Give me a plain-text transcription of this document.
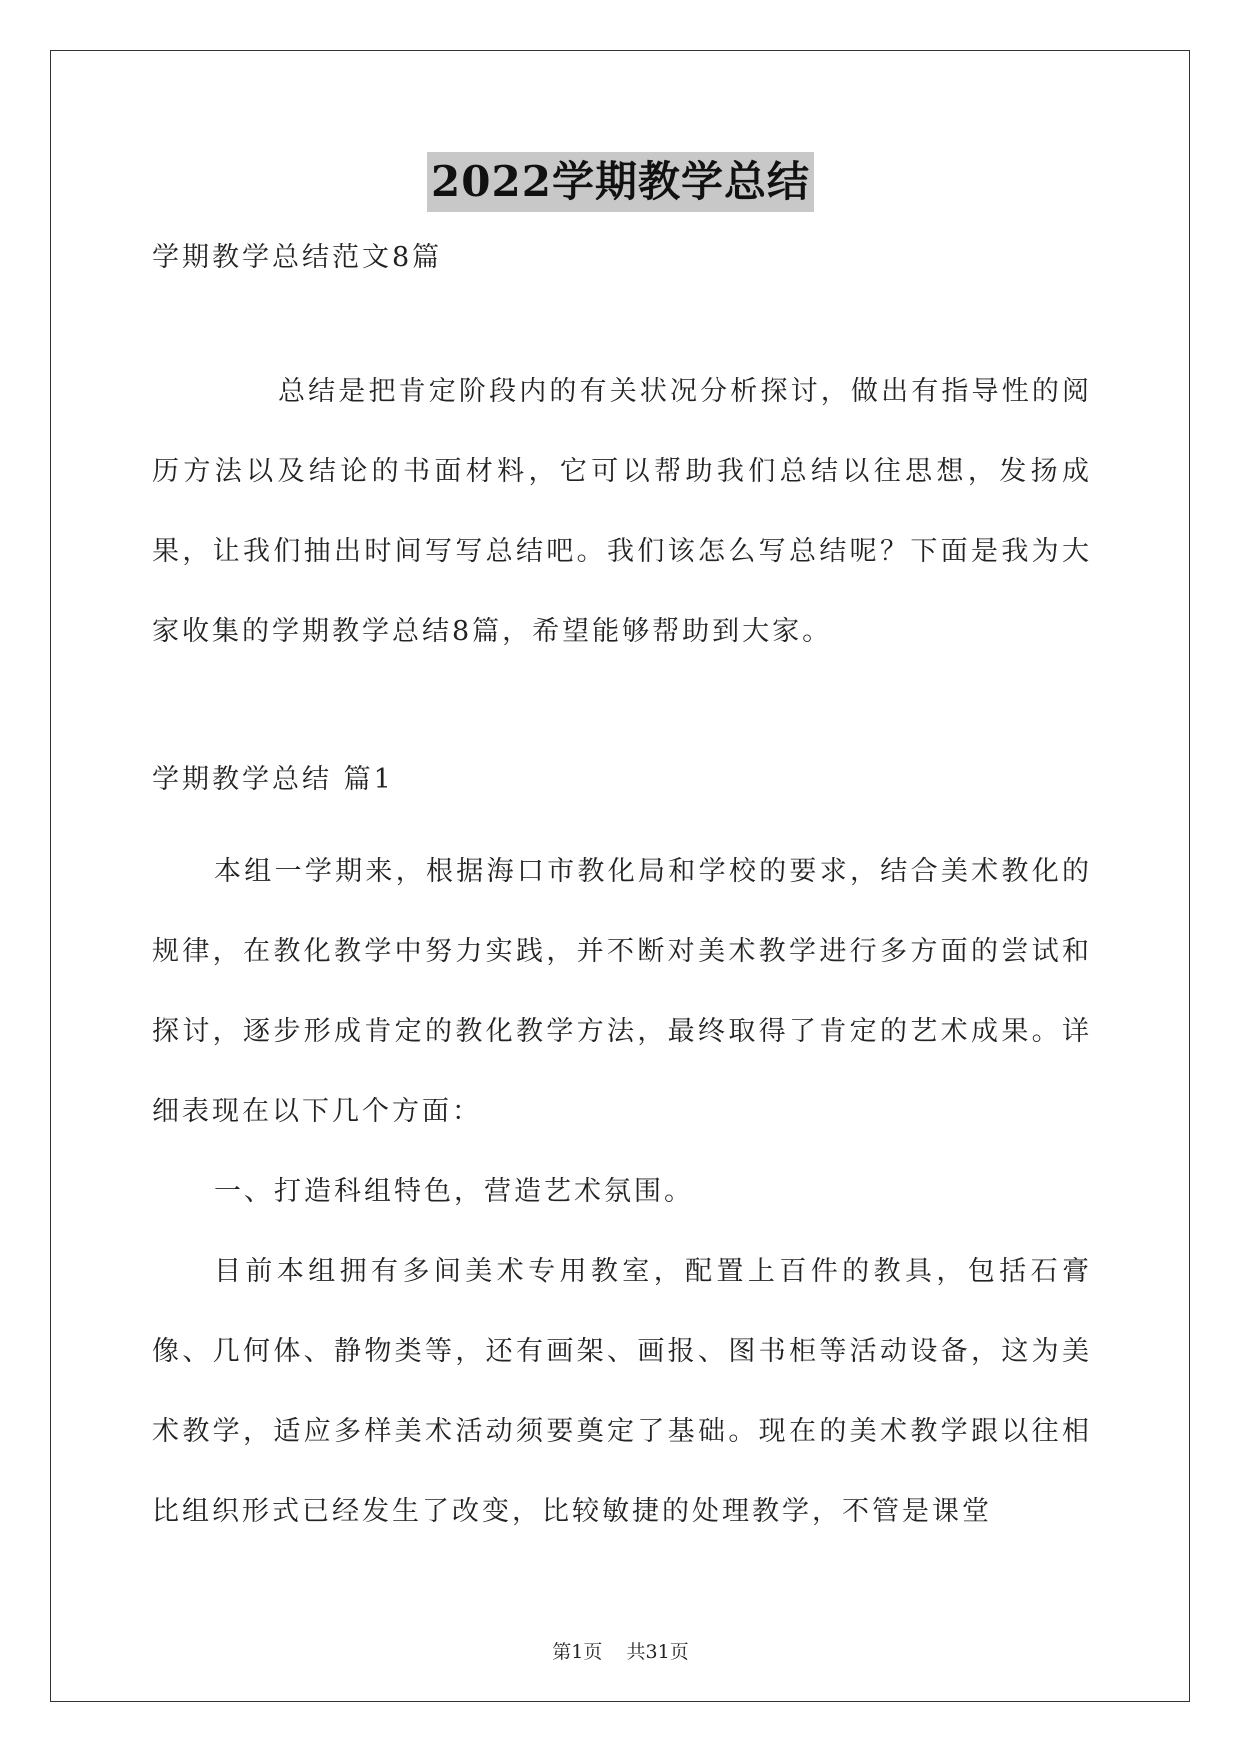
2022学期教学总结
学期教学总结范文8篇
总结是把肯定阶段内的有关状况分析探讨，做出有指导性的阅历方法以及结论的书面材料，它可以帮助我们总结以往思想，发扬成果，让我们抽出时间写写总结吧。我们该怎么写总结呢？下面是我为大家收集的学期教学总结8篇，希望能够帮助到大家。
学期教学总结 篇1

本组一学期来，根据海口市教化局和学校的要求，结合美术教化的规律，在教化教学中努力实践，并不断对美术教学进行多方面的尝试和探讨，逐步形成肯定的教化教学方法，最终取得了肯定的艺术成果。详细表现在以下几个方面：

一、打造科组特色，营造艺术氛围。

目前本组拥有多间美术专用教室，配置上百件的教具，包括石膏像、几何体、静物类等，还有画架、画报、图书柜等活动设备，这为美术教学，适应多样美术活动须要奠定了基础。现在的美术教学跟以往相比组织形式已经发生了改变，比较敏捷的处理教学，不管是课堂

第1页 共31页
